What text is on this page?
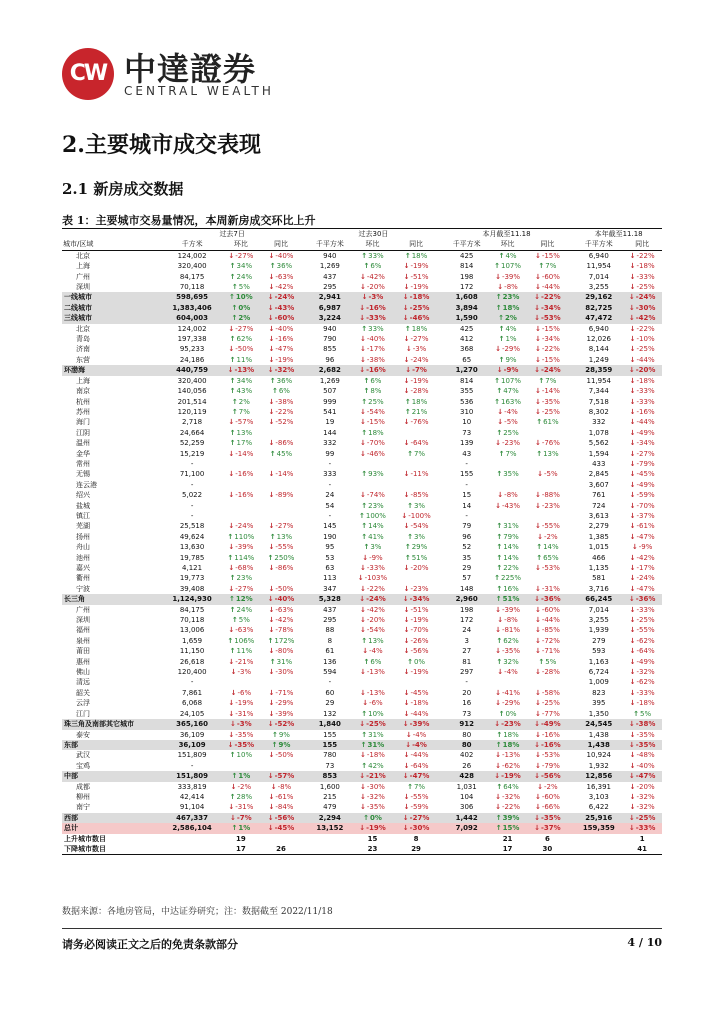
CW 中達證券
CENTRAL WEALTH
2.主要城市成交表现
2.1 新房成交数据
表 1：主要城市交易量情况，本周新房成交环比上升
	过去7日				过去30日				本月截至11.18				本年截至11.18	
城市/区域	千方米	环比	同比		千平方米	环比	同比		千平方米	环比	同比		千平方米	同比
北京	124,002	↓ -27%	↓ -40%		940	↑ 33%	↑ 18%		425	↑ 4%	↓ -15%		6,940	↓ -22%
上海	320,400	↑ 34%	↑ 36%		1,269	↑ 6%	↓ -19%		814	↑ 107%	↑ 7%		11,954	↓ -18%
广州	84,175	↑ 24%	↓ -63%		437	↓ -42%	↓ -51%		198	↓ -39%	↓ -60%		7,014	↓ -33%
深圳	70,118	↑ 5%	↓ -42%		295	↓ -20%	↓ -19%		172	↓ -8%	↓ -44%		3,255	↓ -25%
一线城市	598,695	↑ 10%	↓ -24%		2,941	↓ -3%	↓ -18%		1,608	↑ 23%	↓ -22%		29,162	↓ -24%
二线城市	1,383,406	↑ 0%	↓ -43%		6,987	↓ -16%	↓ -25%		3,894	↑ 18%	↓ -34%		82,725	↓ -30%
三线城市	604,003	↑ 2%	↓ -60%		3,224	↓ -33%	↓ -46%		1,590	↑ 2%	↓ -53%		47,472	↓ -42%
北京	124,002	↓ -27%	↓ -40%		940	↑ 33%	↑ 18%		425	↑ 4%	↓ -15%		6,940	↓ -22%
青岛	197,338	↑ 62%	↓ -16%		790	↓ -40%	↓ -27%		412	↑ 1%	↓ -34%		12,026	↓ -10%
济南	95,233	↓ -50%	↓ -47%		855	↓ -17%	↓ -3%		368	↓ -29%	↓ -22%		8,144	↓ -25%
东营	24,186	↑ 11%	↓ -19%		96	↓ -38%	↓ -24%		65	↑ 9%	↓ -15%		1,249	↓ -44%
环渤海	440,759	↓ -13%	↓ -32%		2,682	↓ -16%	↓ -7%		1,270	↓ -9%	↓ -24%		28,359	↓ -20%
上海	320,400	↑ 34%	↑ 36%		1,269	↑ 6%	↓ -19%		814	↑ 107%	↑ 7%		11,954	↓ -18%
南京	140,056	↑ 43%	↑ 6%		507	↑ 8%	↓ -28%		355	↑ 47%	↓ -14%		7,344	↓ -33%
杭州	201,514	↑ 2%	↓ -38%		999	↑ 25%	↑ 18%		536	↑ 163%	↓ -35%		7,518	↓ -33%
苏州	120,119	↑ 7%	↓ -22%		541	↓ -54%	↑ 21%		310	↓ -4%	↓ -25%		8,302	↓ -16%
海门	2,718	↓ -57%	↓ -52%		19	↓ -15%	↓ -76%		10	↓ -5%	↑ 61%		332	↓ -44%
江阴	24,664	↑ 13%			144	↑ 18%			73	↑ 25%			1,078	↓ -49%
温州	52,259	↑ 17%	↓ -86%		332	↓ -70%	↓ -64%		139	↓ -23%	↓ -76%		5,562	↓ -34%
金华	15,219	↓ -14%	↑ 45%		99	↓ -46%	↑ 7%		43	↑ 7%	↑ 13%		1,594	↓ -27%
常州	-				-				-				433	↓ -79%
无锡	71,100	↓ -16%	↓ -14%		333	↑ 93%	↓ -11%		155	↑ 35%	↓ -5%		2,845	↓ -45%
连云港	-				-				-				3,607	↓ -49%
绍兴	5,022	↓ -16%	↓ -89%		24	↓ -74%	↓ -85%		15	↓ -8%	↓ -88%		761	↓ -59%
盐城	-				54	↑ 23%	↑ 3%		14	↓ -43%	↓ -23%		724	↓ -70%
镇江	-				-	↑ 100%	↓ -100%		-				3,613	↓ -37%
芜湖	25,518	↓ -24%	↓ -27%		145	↑ 14%	↓ -54%		79	↑ 31%	↓ -55%		2,279	↓ -61%
扬州	49,624	↑ 110%	↑ 13%		190	↑ 41%	↑ 3%		96	↑ 79%	↓ -2%		1,385	↓ -47%
舟山	13,630	↓ -39%	↓ -55%		95	↑ 3%	↑ 29%		52	↑ 14%	↑ 14%		1,015	↓ -9%
池州	19,785	↑ 114%	↑ 250%		53	↓ -9%	↑ 51%		35	↑ 14%	↑ 65%		466	↓ -42%
嘉兴	4,121	↓ -68%	↓ -86%		63	↓ -33%	↓ -20%		29	↑ 22%	↓ -53%		1,135	↓ -17%
衢州	19,773	↑ 23%			113	↓ -103%			57	↑ 225%			581	↓ -24%
宁波	39,408	↓ -27%	↓ -50%		347	↓ -22%	↓ -23%		148	↑ 16%	↓ -31%		3,716	↓ -47%
长三角	1,124,930	↑ 12%	↓ -40%		5,328	↓ -24%	↓ -34%		2,960	↑ 51%	↓ -36%		66,245	↓ -36%
广州	84,175	↑ 24%	↓ -63%		437	↓ -42%	↓ -51%		198	↓ -39%	↓ -60%		7,014	↓ -33%
深圳	70,118	↑ 5%	↓ -42%		295	↓ -20%	↓ -19%		172	↓ -8%	↓ -44%		3,255	↓ -25%
福州	13,006	↓ -63%	↓ -78%		88	↓ -54%	↓ -70%		24	↓ -81%	↓ -85%		1,939	↓ -55%
泉州	1,659	↑ 106%	↑ 172%		8	↑ 13%	↓ -26%		3	↑ 62%	↓ -72%		279	↓ -62%
莆田	11,150	↑ 11%	↓ -80%		61	↓ -4%	↓ -56%		27	↓ -35%	↓ -71%		593	↓ -64%
惠州	26,618	↓ -21%	↑ 31%		136	↑ 6%	↑ 0%		81	↑ 32%	↑ 5%		1,163	↓ -49%
佛山	120,400	↓ -3%	↓ -30%		594	↓ -13%	↓ -19%		297	↓ -4%	↓ -28%		6,724	↓ -32%
清远	-				-				-				1,009	↓ -62%
韶关	7,861	↓ -6%	↓ -71%		60	↓ -13%	↓ -45%		20	↓ -41%	↓ -58%		823	↓ -33%
云浮	6,068	↓ -19%	↓ -29%		29	↓ -6%	↓ -18%		16	↓ -29%	↓ -25%		395	↓ -18%
江门	24,105	↓ -31%	↓ -39%		132	↑ 10%	↓ -44%		73	↑ 0%	↓ -77%		1,350	↑ 5%
珠三角及南部其它城市	365,160	↓ -3%	↓ -52%		1,840	↓ -25%	↓ -39%		912	↓ -23%	↓ -49%		24,545	↓ -38%
泰安	36,109	↓ -35%	↑ 9%		155	↑ 31%	↓ -4%		80	↑ 18%	↓ -16%		1,438	↓ -35%
东部	36,109	↓ -35%	↑ 9%		155	↑ 31%	↓ -4%		80	↑ 18%	↓ -16%		1,438	↓ -35%
武汉	151,809	↑ 10%	↓ -50%		780	↓ -18%	↓ -44%		402	↓ -13%	↓ -53%		10,924	↓ -48%
宝鸡	-				73	↑ 42%	↓ -64%		26	↓ -62%	↓ -79%		1,932	↓ -40%
中部	151,809	↑ 1%	↓ -57%		853	↓ -21%	↓ -47%		428	↓ -19%	↓ -56%		12,856	↓ -47%
成都	333,819	↓ -2%	↓ -8%		1,600	↓ -30%	↑ 7%		1,031	↑ 64%	↓ -2%		16,391	↓ -20%
柳州	42,414	↑ 28%	↓ -61%		215	↓ -32%	↓ -55%		104	↓ -32%	↓ -60%		3,103	↓ -32%
南宁	91,104	↓ -31%	↓ -84%		479	↓ -35%	↓ -59%		306	↓ -22%	↓ -66%		6,422	↓ -32%
西部	467,337	↓ -7%	↓ -56%		2,294	↑ 0%	↓ -27%		1,442	↑ 39%	↓ -35%		25,916	↓ -25%
总计	2,586,104	↑ 1%	↓ -45%		13,152	↓ -19%	↓ -30%		7,092	↑ 15%	↓ -37%		159,359	↓ -33%
上升城市数目		19				15	8			21	6			1
下降城市数目		17	26			23	29			17	30			41
数据来源：各地房管局，中达证券研究；注：数据截至 2022/11/18
请务必阅读正文之后的免责条款部分	4 / 10
